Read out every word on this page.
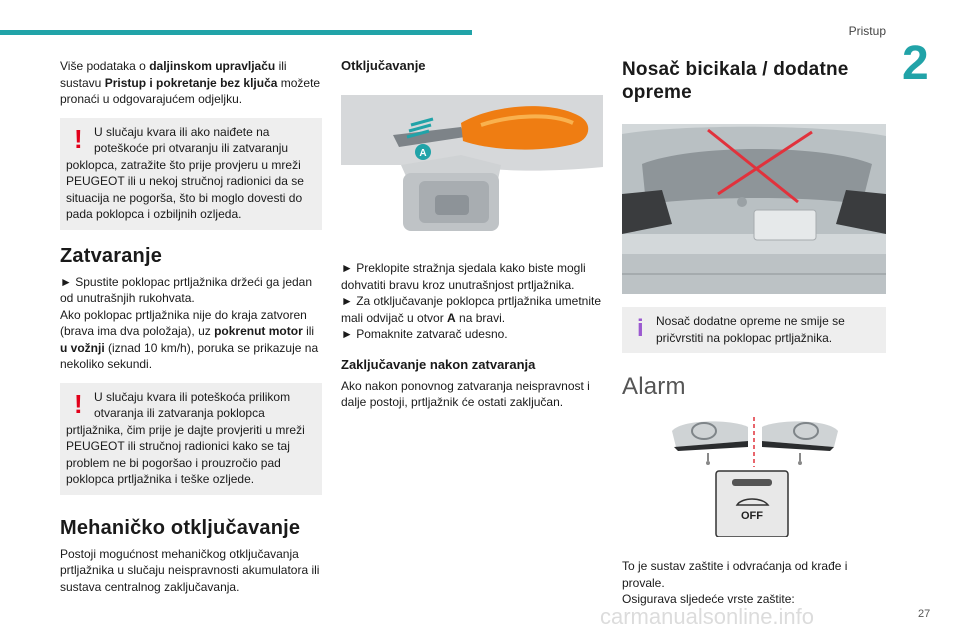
Pristup
2

Više podataka o daljinskom upravljaču ili sustavu Pristup i pokretanje bez ključa možete pronaći u odgovarajućem odjeljku.

! U slučaju kvara ili ako naiđete na poteškoće pri otvaranju ili zatvaranju poklopca, zatražite što prije provjeru u mreži PEUGEOT ili u nekoj stručnoj radionici da se situacija ne pogorša, što bi moglo dovesti do pada poklopca i ozbiljnih ozljeda.
Zatvaranje

► Spustite poklopac prtljažnika držeći ga jedan od unutrašnjih rukohvata.

Ako poklopac prtljažnika nije do kraja zatvoren (brava ima dva položaja), uz pokrenut motor ili u vožnji (iznad 10 km/h), poruka se prikazuje na nekoliko sekundi.

! U slučaju kvara ili poteškoća prilikom otvaranja ili zatvaranja poklopca prtljažnika, čim prije je dajte provjeriti u mreži PEUGEOT ili stručnoj radionici kako se taj problem ne bi pogoršao i prouzročio pad poklopca prtljažnika i teške ozljede.
Mehaničko otključavanje

Postoji mogućnost mehaničkog otključavanja prtljažnika u slučaju neispravnosti akumulatora ili sustava centralnog zaključavanja.

Otključavanje
A

► Preklopite stražnja sjedala kako biste mogli dohvatiti bravu kroz unutrašnjost prtljažnika.

► Za otključavanje poklopca prtljažnika umetnite mali odvijač u otvor A na bravi.

► Pomaknite zatvarač udesno.

Zaključavanje nakon zatvaranja

Ako nakon ponovnog zatvaranja neispravnost i dalje postoji, prtljažnik će ostati zaključan.

Nosač bicikala / dodatne opreme
i Nosač dodatne opreme ne smije se pričvrstiti na poklopac prtljažnika.
Alarm
OFF

To je sustav zaštite i odvraćanja od krađe i provale.

Osigurava sljedeće vrste zaštite:

27
carmanualsonline.info
